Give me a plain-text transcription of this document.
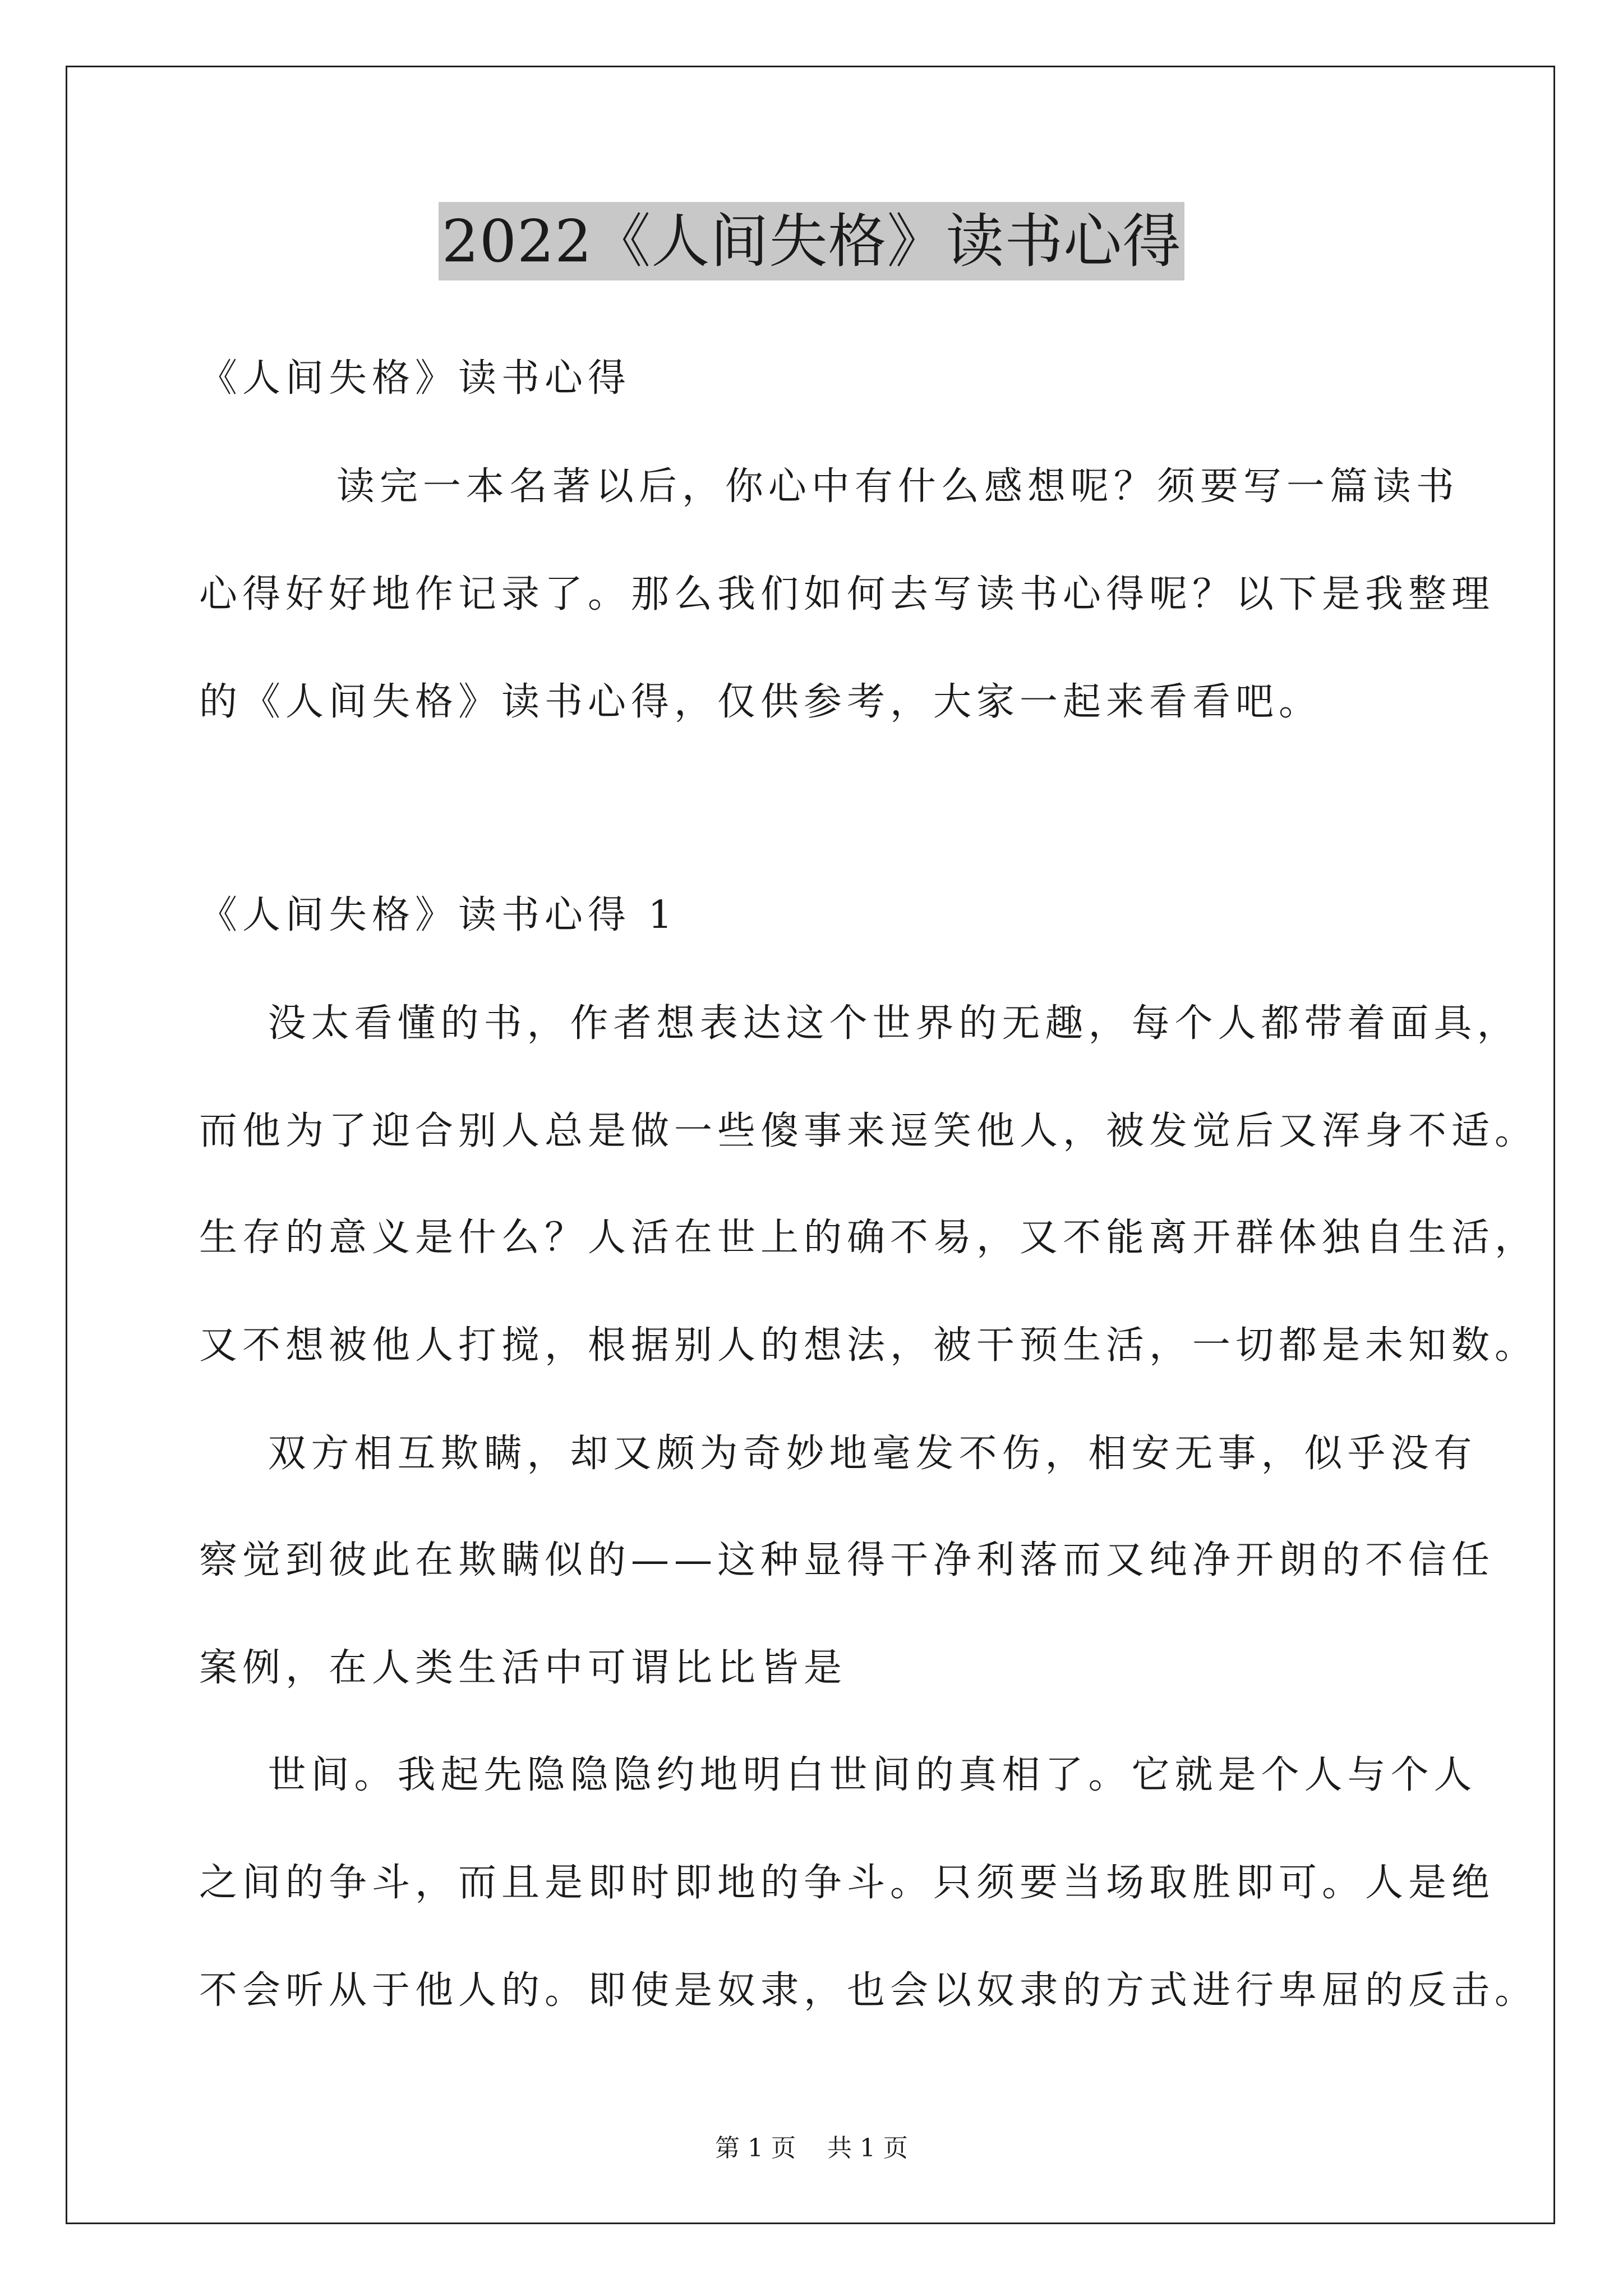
2022《人间失格》读书心得
《人间失格》读书心得
读完一本名著以后，你心中有什么感想呢？须要写一篇读书
心得好好地作记录了。那么我们如何去写读书心得呢？以下是我整理
的《人间失格》读书心得，仅供参考，大家一起来看看吧。
《人间失格》读书心得 1
没太看懂的书，作者想表达这个世界的无趣，每个人都带着面具，
而他为了迎合别人总是做一些傻事来逗笑他人，被发觉后又浑身不适。
生存的意义是什么？人活在世上的确不易，又不能离开群体独自生活，
又不想被他人打搅，根据别人的想法，被干预生活，一切都是未知数。
双方相互欺瞒，却又颇为奇妙地毫发不伤，相安无事，似乎没有
察觉到彼此在欺瞒似的——这种显得干净利落而又纯净开朗的不信任
案例，在人类生活中可谓比比皆是
世间。我起先隐隐隐约地明白世间的真相了。它就是个人与个人
之间的争斗，而且是即时即地的争斗。只须要当场取胜即可。人是绝
不会听从于他人的。即使是奴隶，也会以奴隶的方式进行卑屈的反击。
第 1 页    共 1 页
